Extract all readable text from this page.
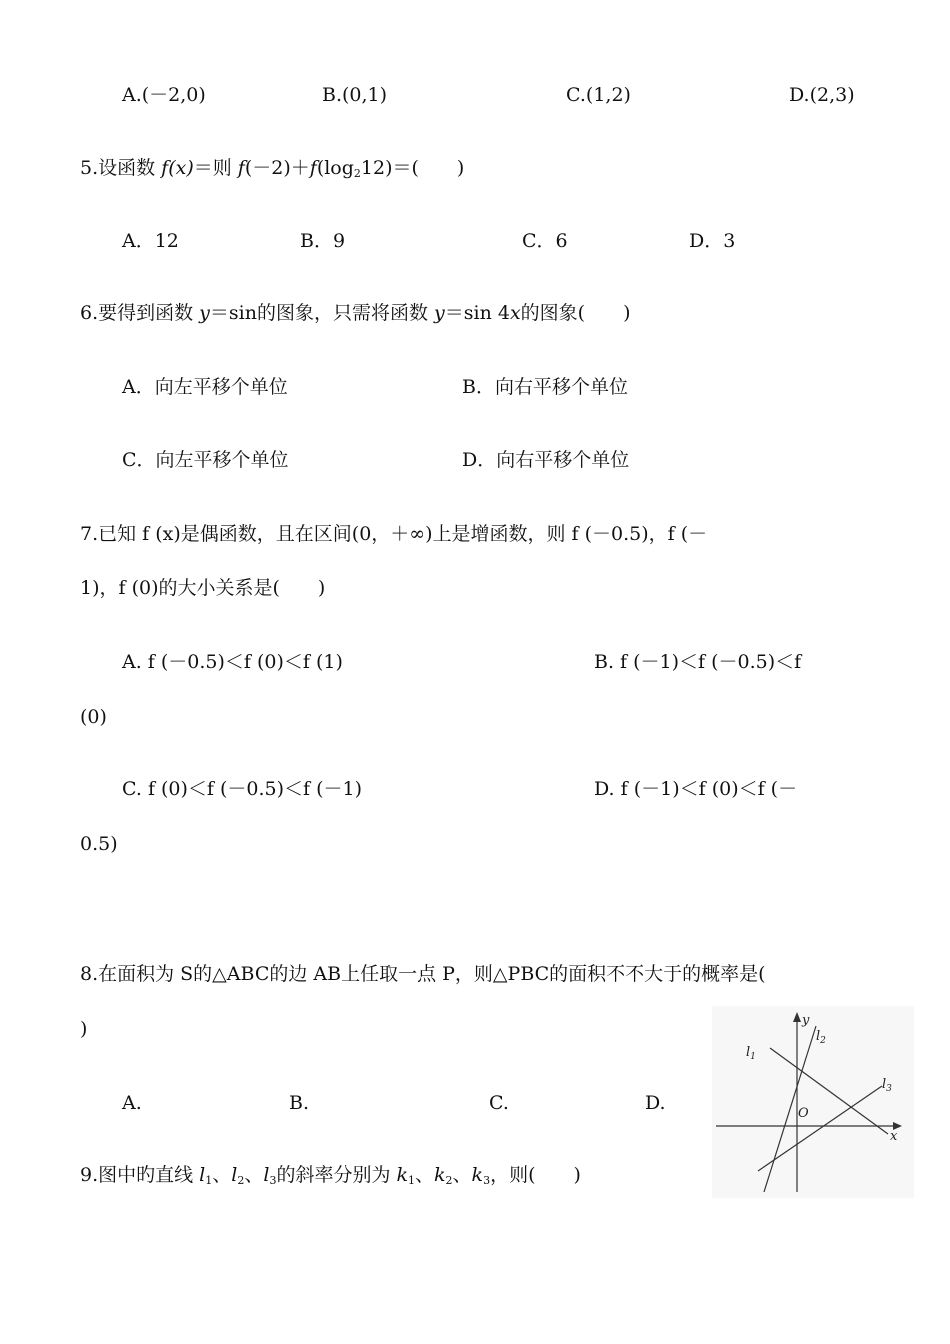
A.(－2,0)	B.(0,1)	C.(1,2)	D.(2,3)
5.设函数 f(x)＝则 $f(-2)+f(\log_212)=$(　　)
A．12	B．9	C．6	D．3
6.要得到函数 y＝sin的图象，只需将函数 y＝sin 4x的图象(　　)
A．向左平移个单位	B．向右平移个单位
C．向左平移个单位	D．向右平移个单位
7.已知 f (x)是偶函数，且在区间(0，＋∞)上是增函数，则 f (－0.5)，f (－
1)，f (0)的大小关系是(　　)
A. f (－0.5)＜f (0)＜f (1)	B. f (－1)＜f (－0.5)＜f
(0)
C. f (0)＜f (－0.5)＜f (－1)	D. f (－1)＜f (0)＜f (－
0.5)
8.在面积为 S的△ABC的边 AB上任取一点 P，则△PBC的面积不不大于的概率是(
)
A.	B.	C.	D.
9.图中旳直线 $l_1$、$l_2$、$l_3$的斜率分别为 $k_1$、$k_2$、$k_3$，则(　　)
y
x
O
$l_1$
$l_2$
$l_3$
